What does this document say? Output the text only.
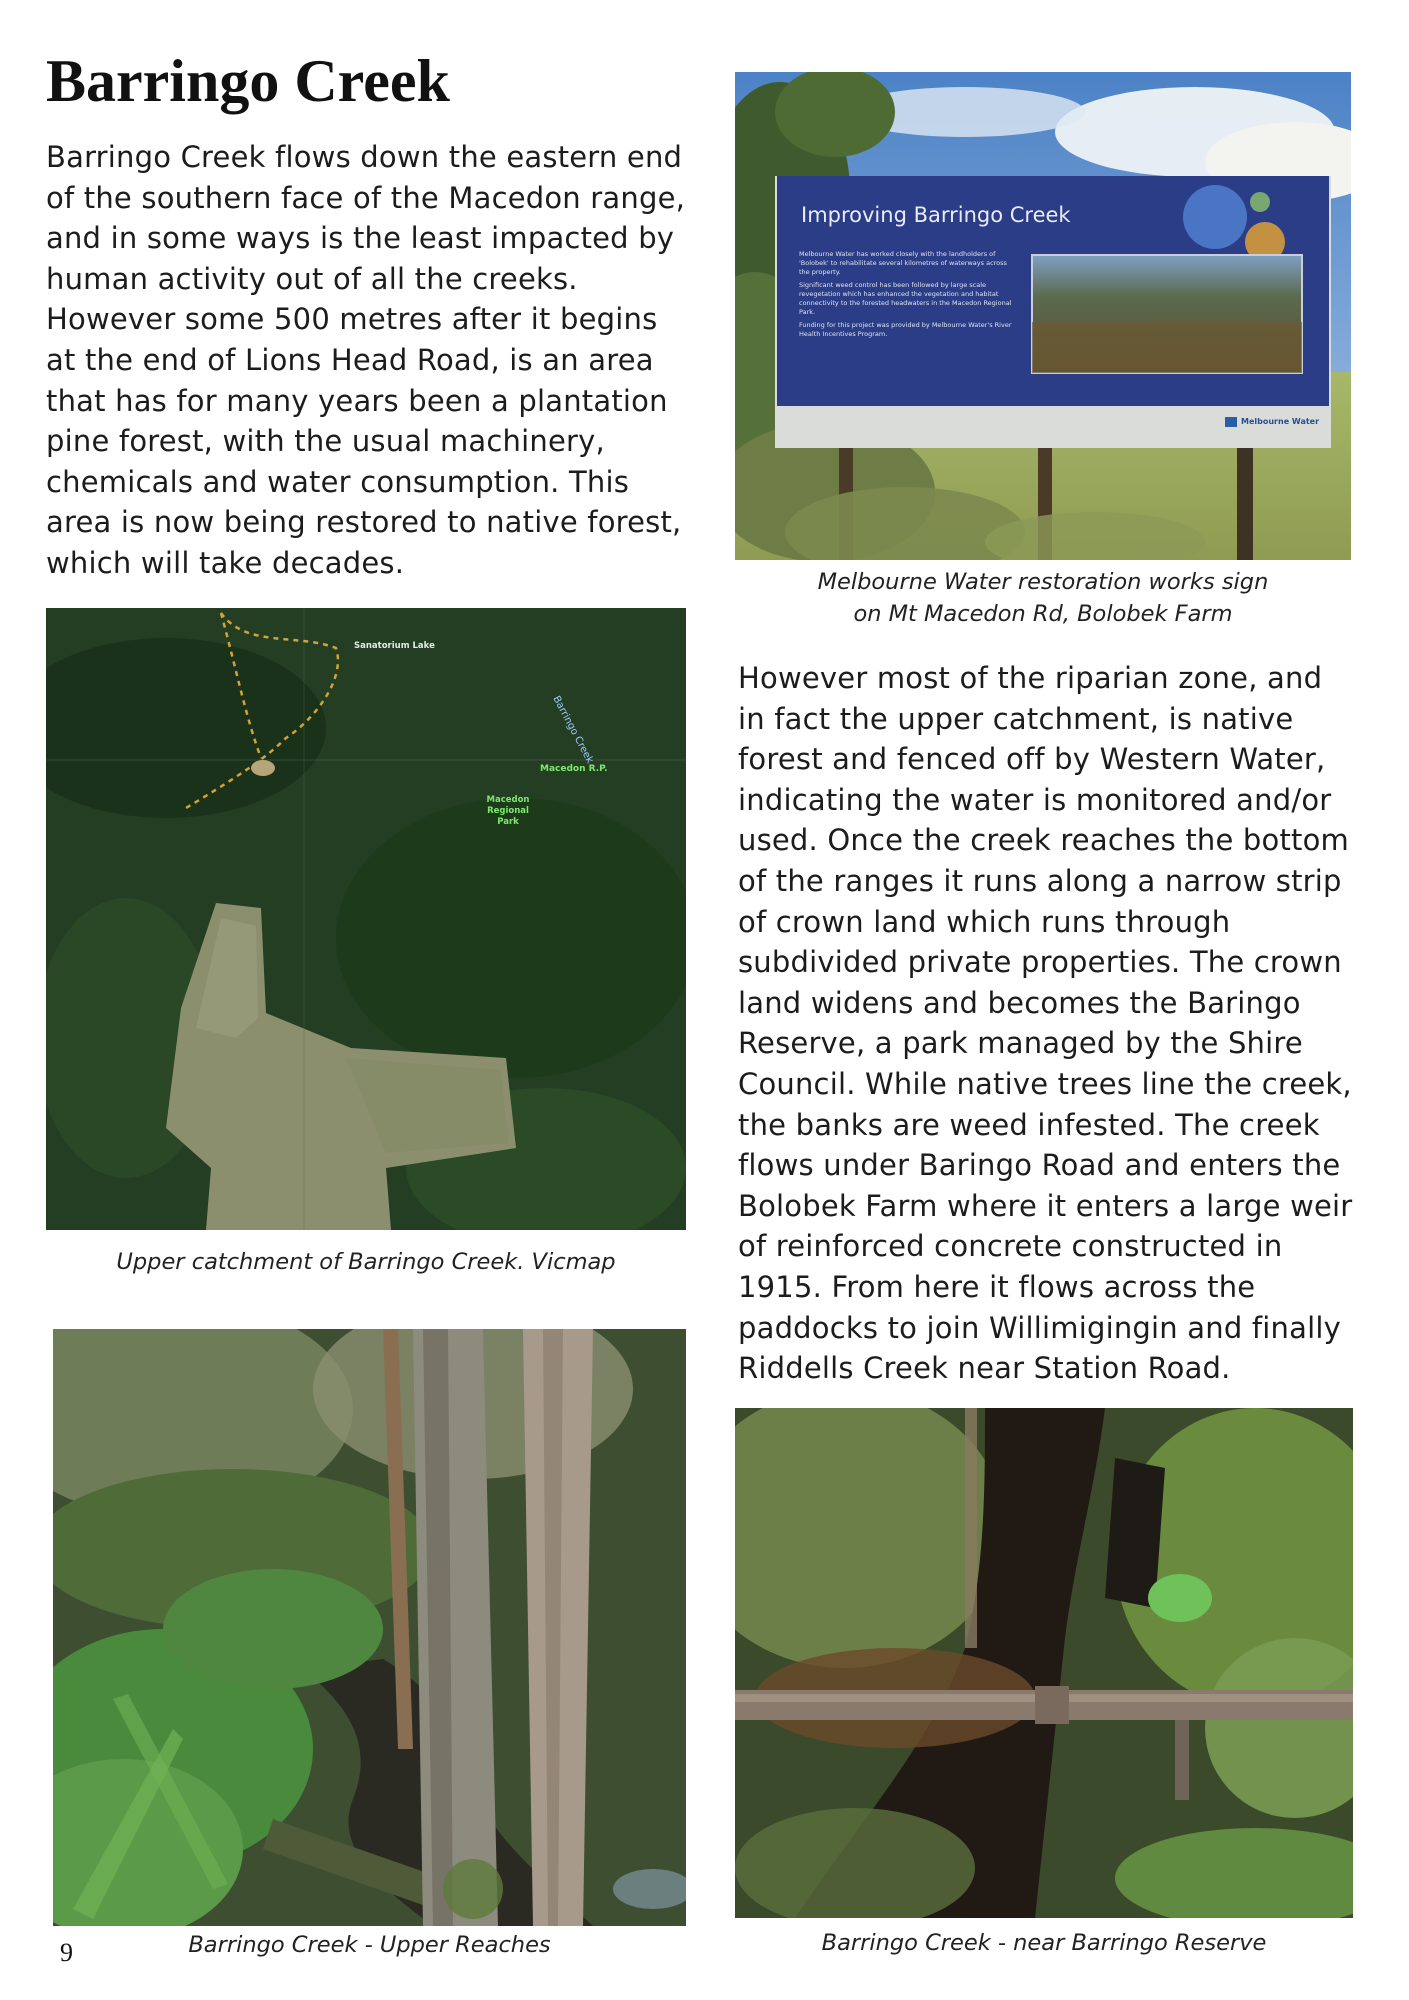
Barringo Creek

Barringo Creek flows down the eastern end of the southern face of the Macedon range, and in some ways is the least impacted by human activity out of all the creeks. However some 500 metres after it begins at the end of Lions Head Road, is an area that has for many years been a plantation pine forest, with the usual machinery, chemicals and water consumption. This area is now being restored to native forest, which will take decades.

Improving Barringo Creek
Melbourne Water has worked closely with the landholders of 'Bolobek' to rehabilitate several kilometres of waterways across the property.
Significant weed control has been followed by large scale revegetation which has enhanced the vegetation and habitat connectivity to the forested headwaters in the Macedon Regional Park.
Funding for this project was provided by Melbourne Water's River Health Incentives Program.
Melbourne Water

Melbourne Water restoration works sign
on Mt Macedon Rd, Bolobek Farm

Sanatorium Lake
Barringo Creek
Macedon R.P.
Macedon
Regional
Park

Upper catchment of Barringo Creek. Vicmap

However most of the riparian zone, and in fact the upper catchment, is native forest and fenced off by Western Water, indicating the water is monitored and/or used. Once the creek reaches the bottom of the ranges it runs along a narrow strip of crown land which runs through subdivided private properties. The crown land widens and becomes the Baringo Reserve, a park managed by the Shire Council. While native trees line the creek, the banks are weed infested. The creek flows under Baringo Road and enters the Bolobek Farm where it enters a large weir of reinforced concrete constructed in 1915. From here it flows across the paddocks to join Willimigingin and finally Riddells Creek near Station Road.

Barringo Creek - Upper Reaches	Barringo Creek - near Barringo Reserve

9
